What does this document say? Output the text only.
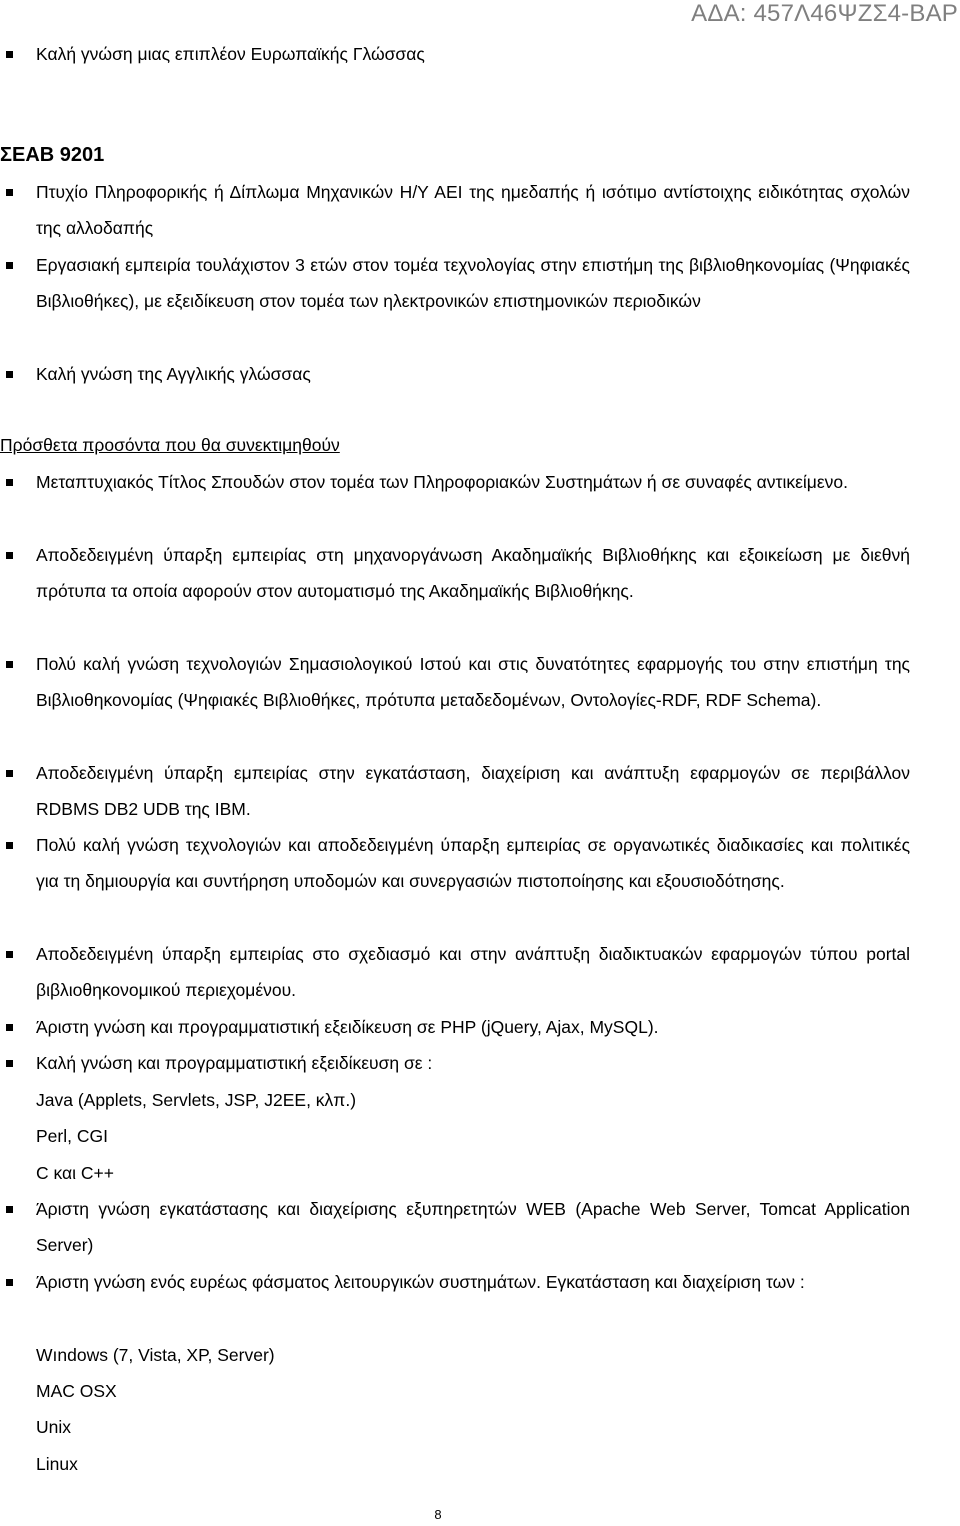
ΑΔΑ: 457Λ46ΨΖΣ4-ΒΑΡ
Καλή γνώση μιας επιπλέον Ευρωπαϊκής Γλώσσας
ΣΕΑΒ 9201
Πτυχίο Πληροφορικής ή Δίπλωμα Μηχανικών Η/Υ ΑΕΙ της ημεδαπής ή ισότιμο αντίστοιχης ειδικότητας σχολών της αλλοδαπής
Εργασιακή εμπειρία τουλάχιστον 3 ετών στον τομέα τεχνολογίας στην επιστήμη της βιβλιοθηκονομίας (Ψηφιακές Βιβλιοθήκες), με εξειδίκευση στον τομέα των ηλεκτρονικών επιστημονικών περιοδικών
Καλή γνώση της Αγγλικής γλώσσας
Πρόσθετα προσόντα που θα συνεκτιμηθούν
Μεταπτυχιακός Τίτλος Σπουδών στον τομέα των Πληροφοριακών Συστημάτων ή σε συναφές αντικείμενο.
Αποδεδειγμένη ύπαρξη εμπειρίας στη μηχανοργάνωση Ακαδημαϊκής Βιβλιοθήκης και εξοικείωση με διεθνή πρότυπα τα οποία αφορούν στον αυτοματισμό της Ακαδημαϊκής Βιβλιοθήκης.
Πολύ καλή γνώση τεχνολογιών Σημασιολογικού Ιστού και στις δυνατότητες εφαρμογής του στην επιστήμη της Βιβλιοθηκονομίας (Ψηφιακές Βιβλιοθήκες, πρότυπα μεταδεδομένων, Οντολογίες-RDF, RDF Schema).
Αποδεδειγμένη ύπαρξη εμπειρίας στην εγκατάσταση, διαχείριση και ανάπτυξη εφαρμογών σε περιβάλλον RDBMS DB2 UDB της IBM.
Πολύ καλή γνώση τεχνολογιών και αποδεδειγμένη ύπαρξη εμπειρίας σε οργανωτικές διαδικασίες και πολιτικές για τη δημιουργία και συντήρηση υποδομών και συνεργασιών πιστοποίησης και εξουσιοδότησης.
Αποδεδειγμένη ύπαρξη εμπειρίας στο σχεδιασμό και στην ανάπτυξη διαδικτυακών εφαρμογών τύπου portal βιβλιοθηκονομικού περιεχομένου.
Άριστη γνώση και προγραμματιστική εξειδίκευση σε PHP (jQuery, Ajax, MySQL).
Καλή γνώση και προγραμματιστική εξειδίκευση σε :
Java (Applets, Servlets, JSP, J2EE, κλπ.)
Perl, CGI
C και C++
Άριστη γνώση εγκατάστασης και διαχείρισης εξυπηρετητών WEB (Apache Web Server, Tomcat Application Server)
Άριστη γνώση ενός ευρέως φάσματος λειτουργικών συστημάτων. Εγκατάσταση και διαχείριση των :
Wındows (7, Vista, XP, Server)
MAC OSX
Unix
Linux
8
